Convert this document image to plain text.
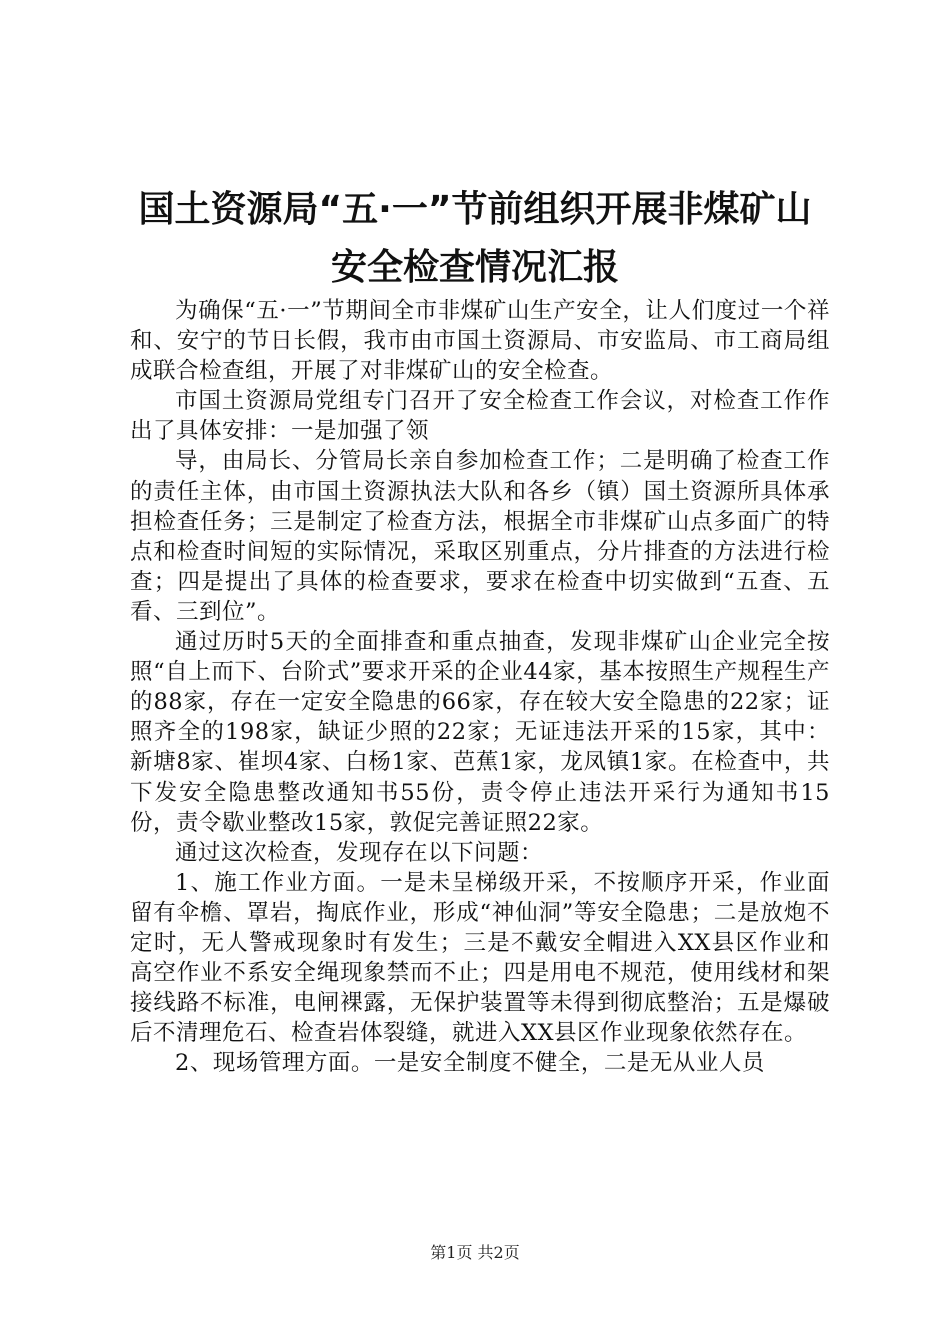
国土资源局“五·一”节前组织开展非煤矿山
安全检查情况汇报

为确保“五·一”节期间全市非煤矿山生产安全，让人们度过一个祥和、安宁的节日长假，我市由市国土资源局、市安监局、市工商局组成联合检查组，开展了对非煤矿山的安全检查。

市国土资源局党组专门召开了安全检查工作会议，对检查工作作出了具体安排：一是加强了领

导，由局长、分管局长亲自参加检查工作；二是明确了检查工作的责任主体，由市国土资源执法大队和各乡（镇）国土资源所具体承担检查任务；三是制定了检查方法，根据全市非煤矿山点多面广的特点和检查时间短的实际情况，采取区别重点，分片排查的方法进行检查；四是提出了具体的检查要求，要求在检查中切实做到“五查、五看、三到位”。

通过历时5天的全面排查和重点抽查，发现非煤矿山企业完全按照“自上而下、台阶式”要求开采的企业44家，基本按照生产规程生产的88家，存在一定安全隐患的66家，存在较大安全隐患的22家；证照齐全的198家，缺证少照的22家；无证违法开采的15家，其中：新塘8家、崔坝4家、白杨1家、芭蕉1家，龙凤镇1家。在检查中，共下发安全隐患整改通知书55份，责令停止违法开采行为通知书15份，责令歇业整改15家，敦促完善证照22家。

通过这次检查，发现存在以下问题：

1、施工作业方面。一是未呈梯级开采，不按顺序开采，作业面留有伞檐、罩岩，掏底作业，形成“神仙洞”等安全隐患；二是放炮不定时，无人警戒现象时有发生；三是不戴安全帽进入XX县区作业和高空作业不系安全绳现象禁而不止；四是用电不规范，使用线材和架接线路不标准，电闸裸露，无保护装置等未得到彻底整治；五是爆破后不清理危石、检查岩体裂缝，就进入XX县区作业现象依然存在。

2、现场管理方面。一是安全制度不健全，二是无从业人员

第1页 共2页
